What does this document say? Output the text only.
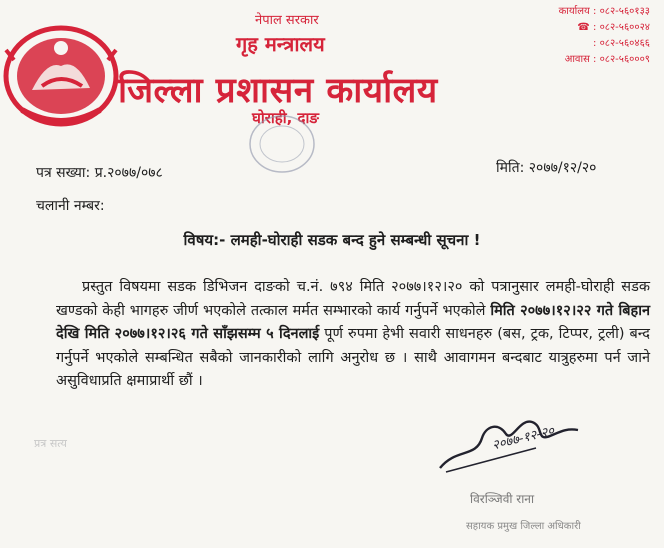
नेपाल सरकार
गृह मन्त्रालय
जिल्ला प्रशासन कार्यालय
घोराही, दाङ
कार्यालय : ०८२-५६०१३३
☎ : ०८२-५६००२४
: ०८२-५६०४६६
आवास : ०८२-५६०००९
पत्र सख्या: प्र.२०७७/०७८	मिति: २०७७/१२/२०
चलानी नम्बर:
विषय:- लमही-घोराही सडक बन्द हुने सम्बन्धी सूचना !
प्रस्तुत विषयमा सडक डिभिजन दाङको च.नं. ७९४ मिति २०७७।१२।२० को पत्रानुसार लमही-घोराही सडक खण्डको केही भागहरु जीर्ण भएकोले तत्काल मर्मत सम्भारको कार्य गर्नुपर्ने भएकोले मिति २०७७।१२।२२ गते बिहान देखि मिति २०७७।१२।२६ गते साँझसम्म ५ दिनलाई पूर्ण रुपमा हेभी सवारी साधनहरु (बस, ट्रक, टिप्पर, ट्रली) बन्द गर्नुपर्ने भएकोले सम्बन्धित सबैको जानकारीको लागि अनुरोध छ । साथै आवागमन बन्दबाट यात्रुहरुमा पर्न जाने असुविधाप्रति क्षमाप्रार्थी छौं ।
प्रत्र सत्य	२०७७-१२-२०
विरञ्जिवी राना
सहायक प्रमुख जिल्ला अधिकारी
